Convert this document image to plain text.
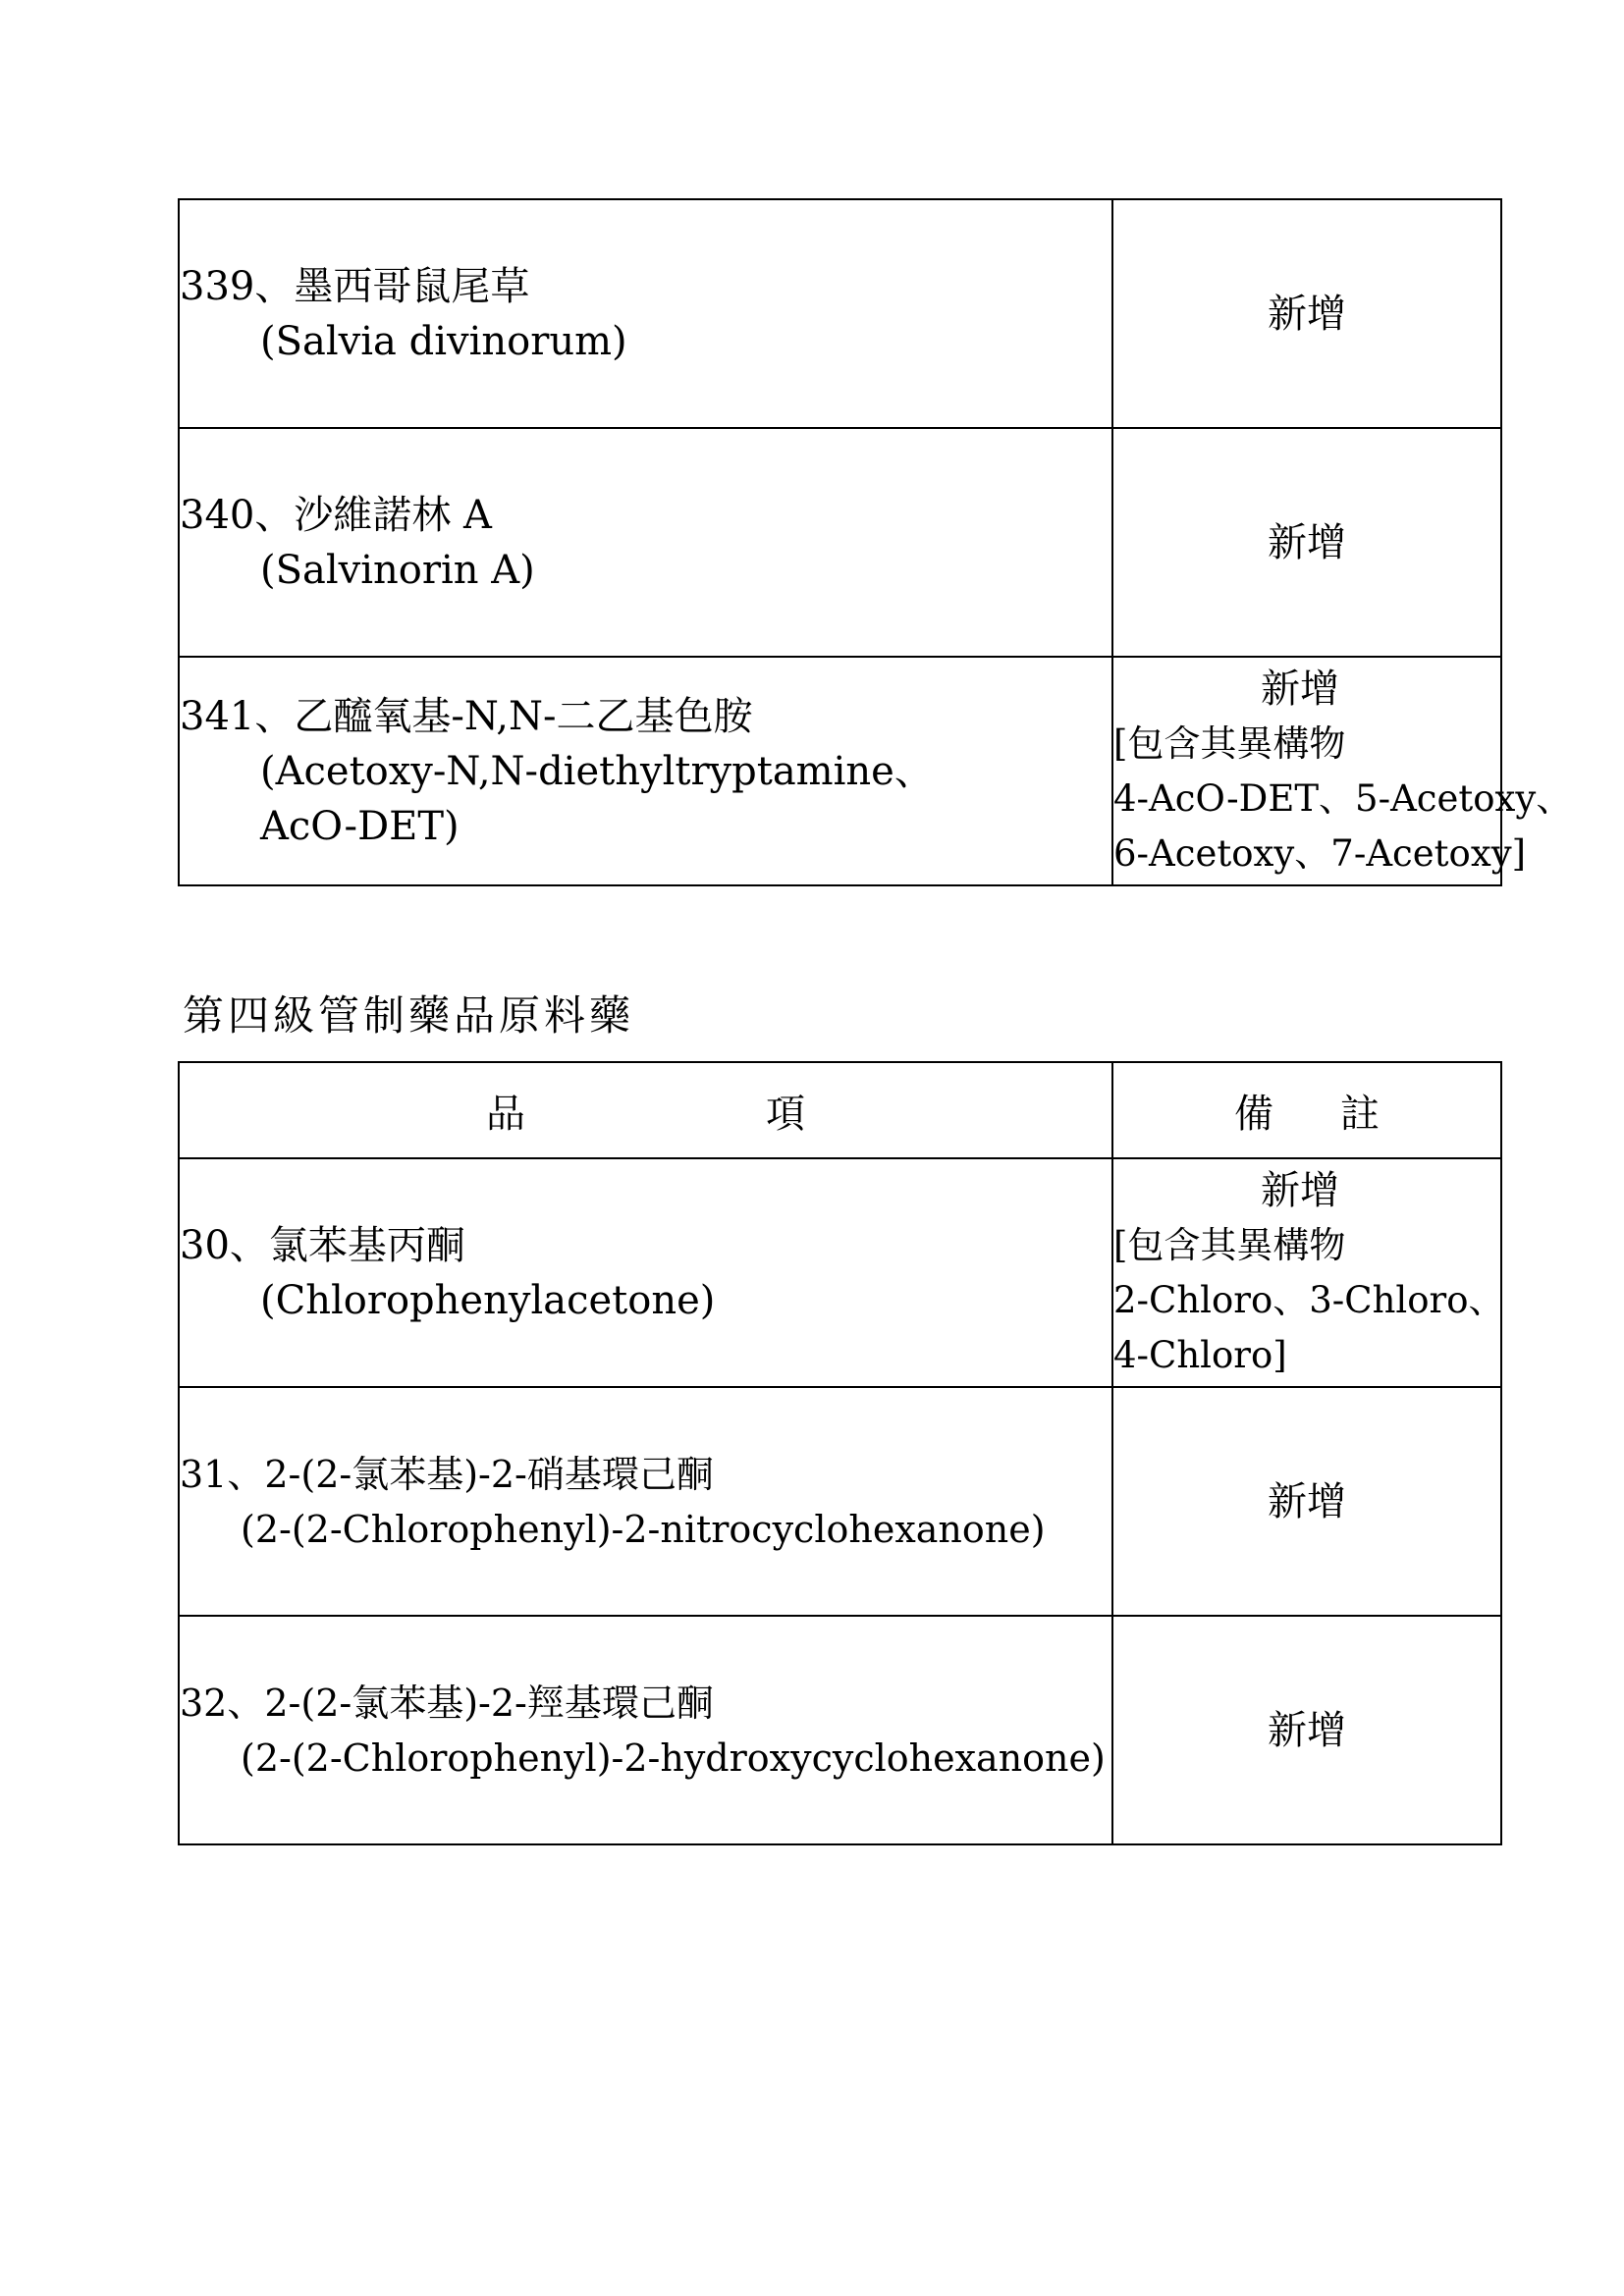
339、墨西哥鼠尾草
(Salvia divinorum)	新增
340、沙維諾林 A
(Salvinorin A)	新增
341、乙醯氧基-N,N-二乙基色胺
(Acetoxy-N,N-diethyltryptamine、
AcO-DET)	新增
[包含其異構物
4-AcO-DET、5-Acetoxy、
6-Acetoxy、7-Acetoxy]
第四級管制藥品原料藥
品 項	備 註
30、氯苯基丙酮
(Chlorophenylacetone)	新增
[包含其異構物
2-Chloro、3-Chloro、
4-Chloro]

31、2-(2-氯苯基)-2-硝基環己酮
(2-(2-Chlorophenyl)-2-nitrocyclohexanone)	新增
32、2-(2-氯苯基)-2-羥基環己酮
(2-(2-Chlorophenyl)-2-hydroxycyclohexanone)	新增
